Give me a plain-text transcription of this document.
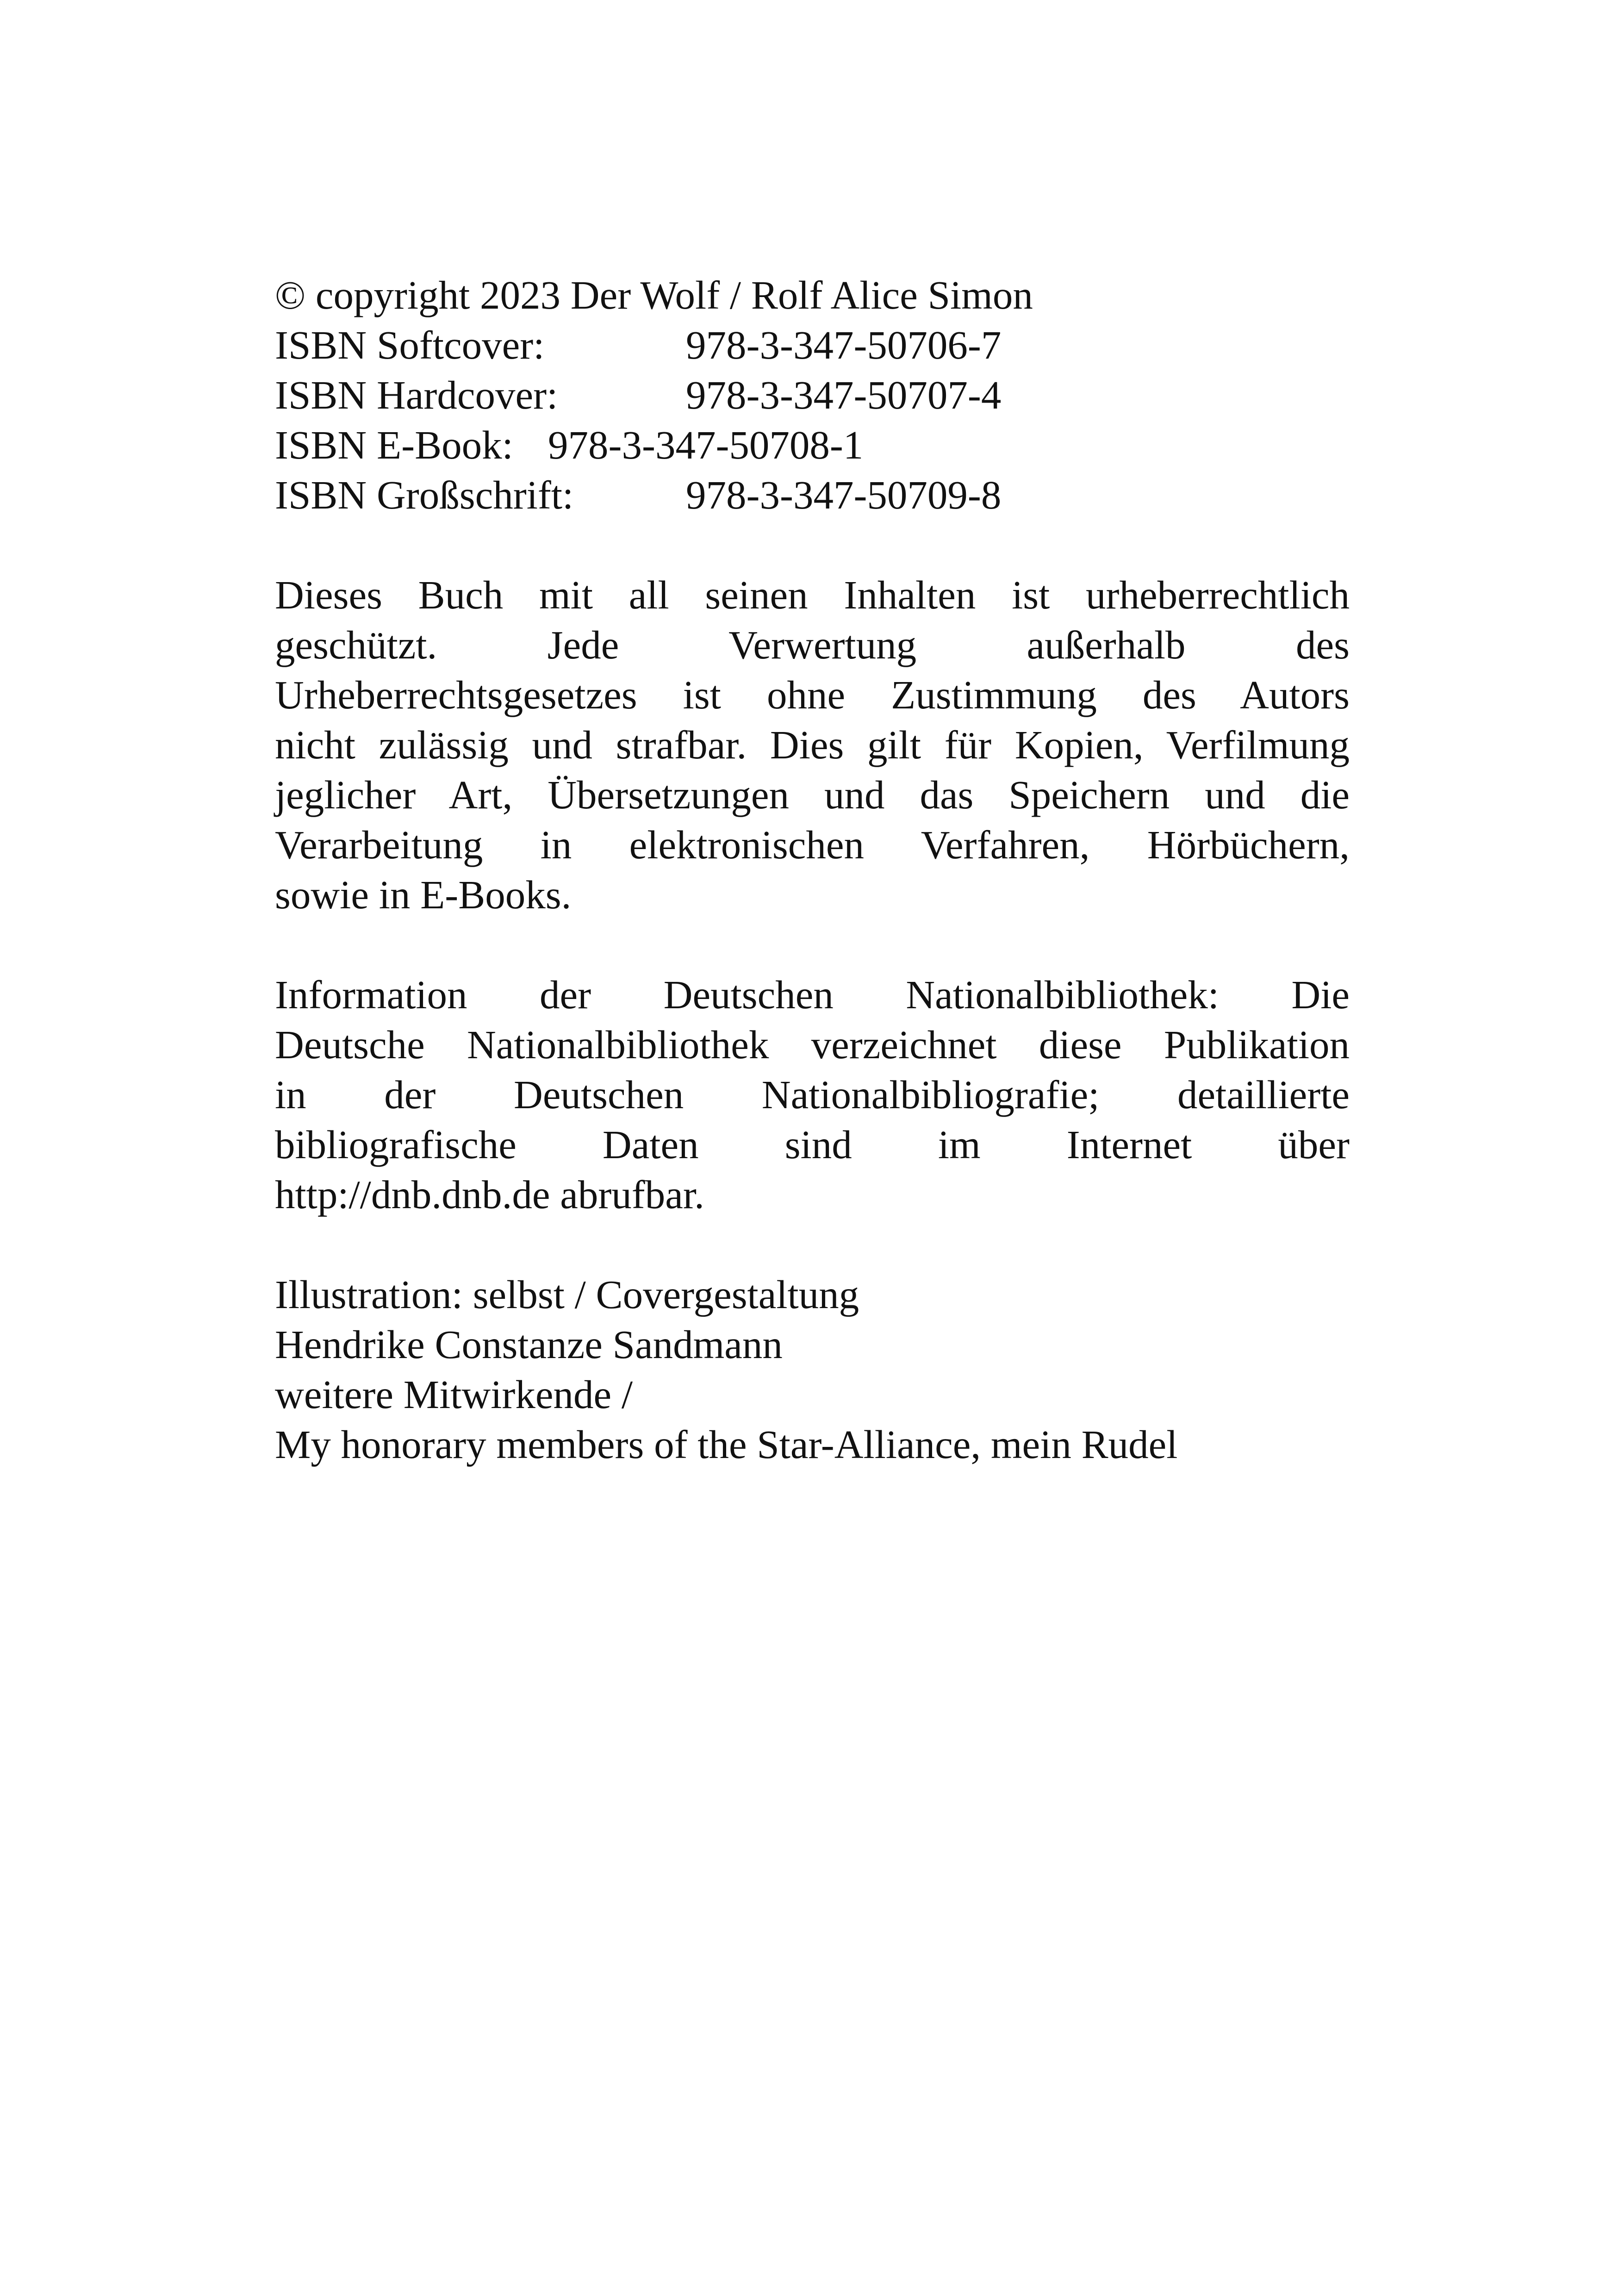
© copyright 2023 Der Wolf / Rolf Alice Simon
ISBN Softcover:	978-3-347-50706-7
ISBN Hardcover:	978-3-347-50707-4
ISBN E-Book: 978-3-347-50708-1
ISBN Großschrift:	978-3-347-50709-8
Dieses Buch mit all seinen Inhalten ist urheberrechtlich
geschützt. Jede Verwertung außerhalb des
Urheberrechtsgesetzes ist ohne Zustimmung des Autors
nicht zulässig und strafbar. Dies gilt für Kopien, Verfilmung
jeglicher Art, Übersetzungen und das Speichern und die
Verarbeitung in elektronischen Verfahren, Hörbüchern,
sowie in E-Books.
Information der Deutschen Nationalbibliothek: Die
Deutsche Nationalbibliothek verzeichnet diese Publikation
in der Deutschen Nationalbibliografie; detaillierte
bibliografische Daten sind im Internet über
http://dnb.dnb.de abrufbar.
Illustration: selbst / Covergestaltung
Hendrike Constanze Sandmann
weitere Mitwirkende /
My honorary members of the Star-Alliance, mein Rudel
